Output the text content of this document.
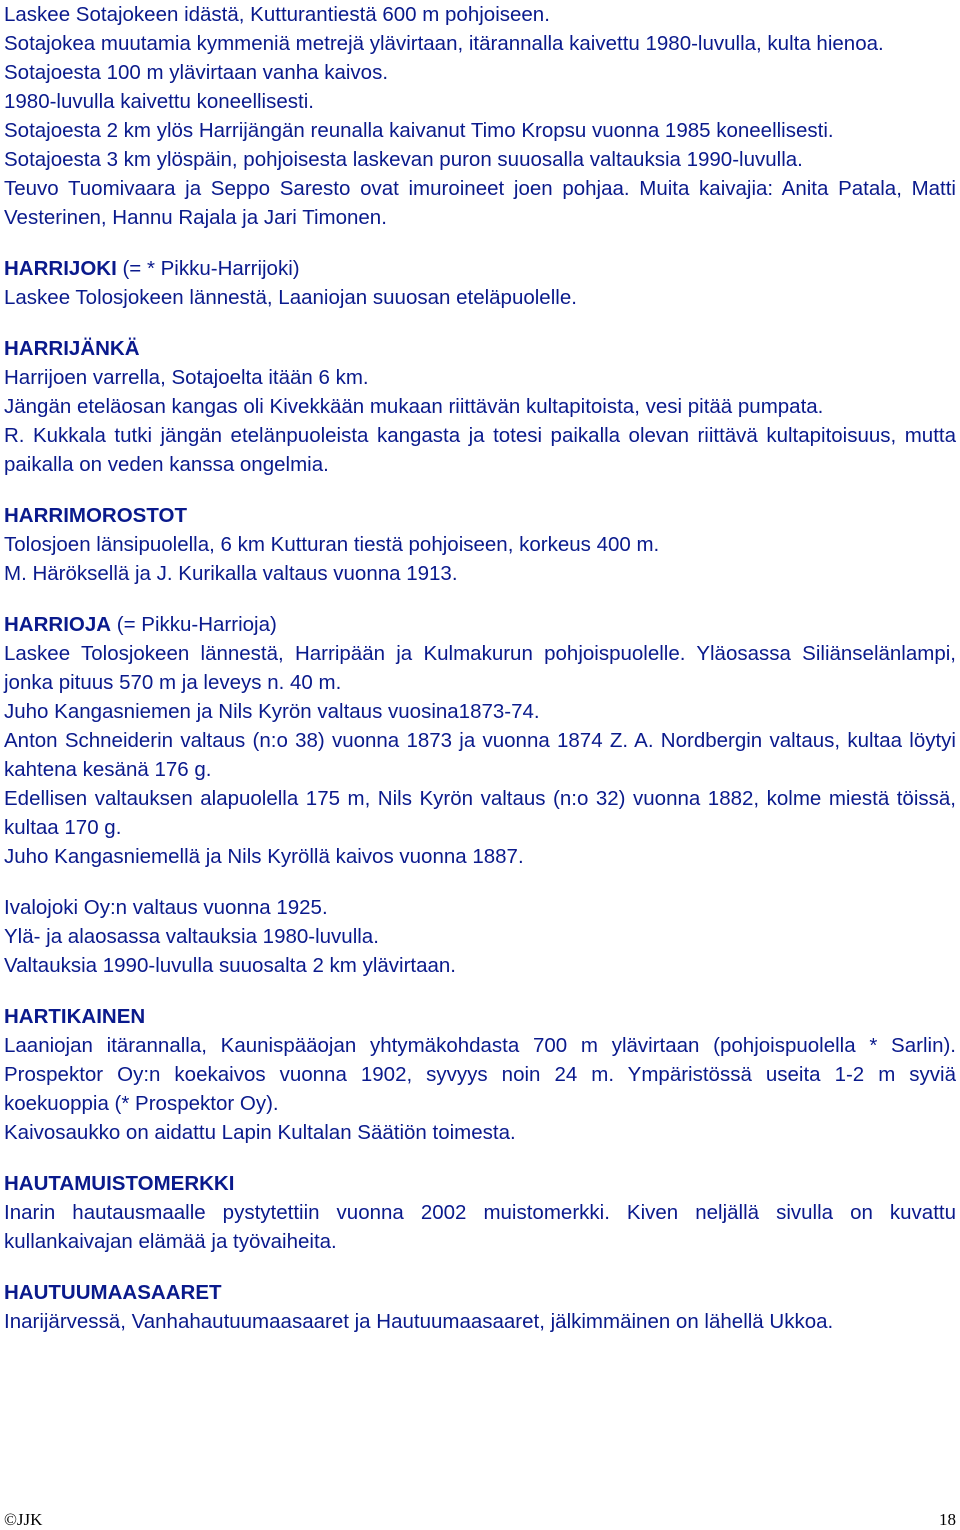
Laskee Sotajokeen idästä, Kutturantiestä 600 m pohjoiseen.
Sotajokea muutamia kymmeniä metrejä ylävirtaan, itärannalla kaivettu 1980-luvulla, kulta hienoa.
Sotajoesta 100 m ylävirtaan vanha kaivos.
1980-luvulla kaivettu koneellisesti.
Sotajoesta 2 km ylös Harrijängän reunalla kaivanut Timo Kropsu vuonna 1985 koneellisesti.
Sotajoesta 3 km ylöspäin, pohjoisesta laskevan puron suuosalla valtauksia 1990-luvulla.
Teuvo Tuomivaara ja Seppo Saresto ovat imuroineet joen pohjaa. Muita kaivajia: Anita Patala, Matti Vesterinen, Hannu Rajala ja Jari Timonen.
HARRIJOKI (= * Pikku-Harrijoki)
Laskee Tolosjokeen lännestä, Laaniojan suuosan eteläpuolelle.
HARRIJÄNKÄ
Harrijoen varrella, Sotajoelta itään 6 km.
Jängän eteläosan kangas oli Kivekkään mukaan riittävän kultapitoista, vesi pitää pumpata.
R. Kukkala tutki jängän etelänpuoleista kangasta ja totesi paikalla olevan riittävä kultapitoisuus, mutta paikalla on veden kanssa ongelmia.
HARRIMOROSTOT
Tolosjoen länsipuolella, 6 km Kutturan tiestä pohjoiseen, korkeus 400 m.
M. Häröksellä ja J. Kurikalla valtaus vuonna 1913.
HARRIOJA (= Pikku-Harrioja)
Laskee Tolosjokeen lännestä, Harripään ja Kulmakurun pohjoispuolelle. Yläosassa Siliänselänlampi, jonka pituus 570 m ja leveys n. 40 m.
Juho Kangasniemen ja Nils Kyrön valtaus vuosina1873-74.
Anton Schneiderin valtaus (n:o 38) vuonna 1873 ja vuonna 1874 Z. A. Nordbergin valtaus, kultaa löytyi kahtena kesänä 176 g.
Edellisen valtauksen alapuolella 175 m, Nils Kyrön valtaus (n:o 32) vuonna 1882, kolme miestä töissä, kultaa 170 g.
Juho Kangasniemellä ja Nils Kyröllä kaivos vuonna 1887.
Ivalojoki Oy:n valtaus vuonna 1925.
Ylä- ja alaosassa valtauksia 1980-luvulla.
Valtauksia 1990-luvulla suuosalta 2 km ylävirtaan.
HARTIKAINEN
Laaniojan itärannalla, Kaunispääojan yhtymäkohdasta 700 m ylävirtaan (pohjoispuolella * Sarlin). Prospektor Oy:n koekaivos vuonna 1902, syvyys noin 24 m. Ympäristössä useita 1-2 m syviä koekuoppia (* Prospektor Oy).
Kaivosaukko on aidattu Lapin Kultalan Säätiön toimesta.
HAUTAMUISTOMERKKI
Inarin hautausmaalle pystytettiin vuonna 2002 muistomerkki. Kiven neljällä sivulla on kuvattu kullankaivajan elämää ja työvaiheita.
HAUTUUMAASAARET
Inarijärvessä, Vanhahautuumaasaaret ja Hautuumaasaaret, jälkimmäinen on lähellä Ukkoa.
©JJK	18
